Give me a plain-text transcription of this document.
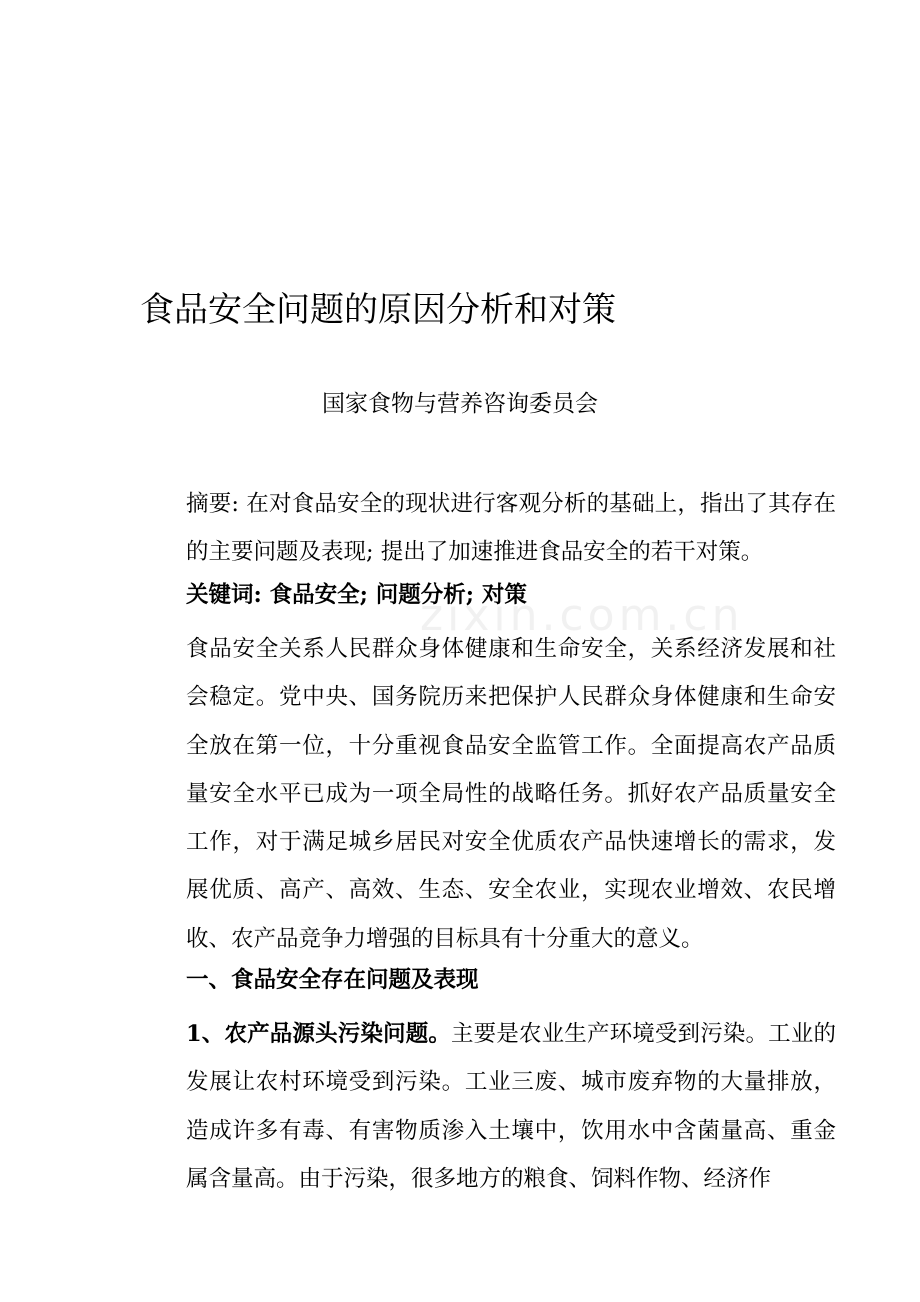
zixin.com.cn
食品安全问题的原因分析和对策
国家食物与营养咨询委员会
摘要: 在对食品安全的现状进行客观分析的基础上，指出了其存在的主要问题及表现; 提出了加速推进食品安全的若干对策。
关键词: 食品安全; 问题分析; 对策
食品安全关系人民群众身体健康和生命安全，关系经济发展和社会稳定。党中央、国务院历来把保护人民群众身体健康和生命安全放在第一位，十分重视食品安全监管工作。全面提高农产品质量安全水平已成为一项全局性的战略任务。抓好农产品质量安全工作，对于满足城乡居民对安全优质农产品快速增长的需求，发展优质、高产、高效、生态、安全农业，实现农业增效、农民增收、农产品竞争力增强的目标具有十分重大的意义。
一、食品安全存在问题及表现
1、农产品源头污染问题。主要是农业生产环境受到污染。工业的发展让农村环境受到污染。工业三废、城市废弃物的大量排放，造成许多有毒、有害物质渗入土壤中，饮用水中含菌量高、重金属含量高。由于污染，很多地方的粮食、饲料作物、经济作
